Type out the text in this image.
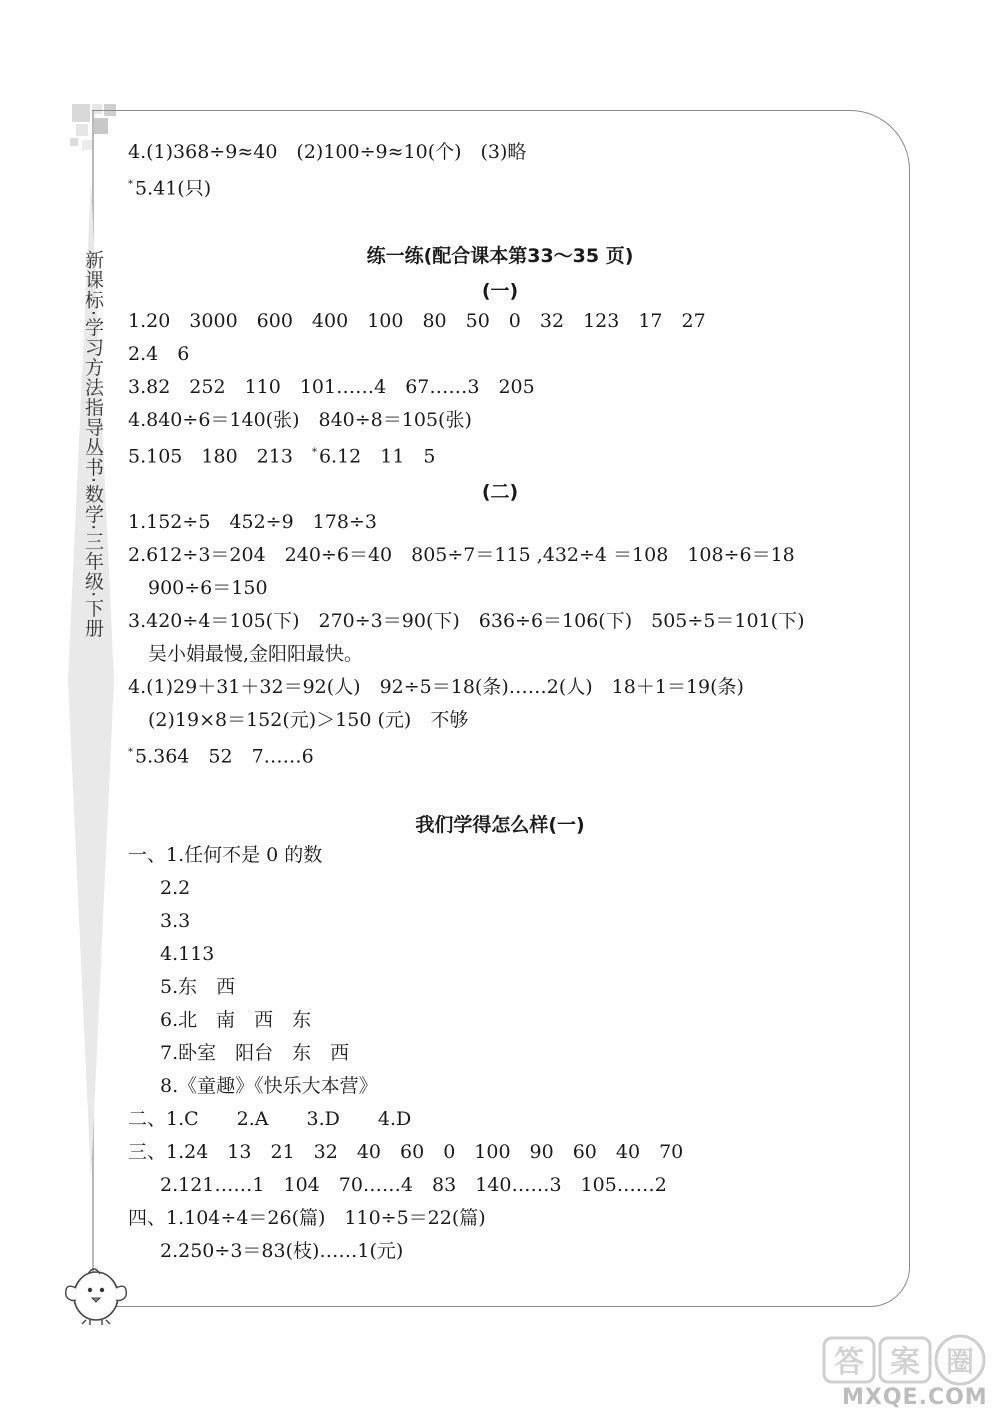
新课标·学习方法指导丛书·数学·三年级·下册
4.(1)368÷9≈40　(2)100÷9≈10(个)　(3)略
* 5.41(只)
练一练(配合课本第33～35 页)
(一)
1.20　3000　600　400　100　80　50　0　32　123　17　27
2.4　6
3.82　252　110　101……4　67……3　205
4.840÷6＝140(张)　840÷8＝105(张)
5.105　180　213　 * 6.12　11　5
(二)
1.152÷5　452÷9　178÷3
2.612÷3＝204　240÷6＝40　805÷7＝115 ,432÷4 ＝108　108÷6＝18
900÷6＝150
3.420÷4＝105(下)　270÷3＝90(下)　636÷6＝106(下)　505÷5＝101(下)
吴小娟最慢,金阳阳最快。
4.(1)29＋31＋32＝92(人)　92÷5＝18(条)……2(人)　18＋1＝19(条)
(2)19×8＝152(元)＞150 (元)　不够
* 5.364　52　7……6
我们学得怎么样(一)
一、1.任何不是 0 的数
2.2
3.3
4.113
5.东　西
6.北　南　西　东
7.卧室　阳台　东　西
8.《童趣》《快乐大本营》
二、1.C　　2.A　　3.D　　4.D
三、1.24　13　21　32　40　60　0　100　90　60　40　70
2.121……1　104　70……4　83　140……3　105……2
四、1.104÷4＝26(篇)　110÷5＝22(篇)
2.250÷3＝83(枝)……1(元)
答 案 圈
MXQE.COM
